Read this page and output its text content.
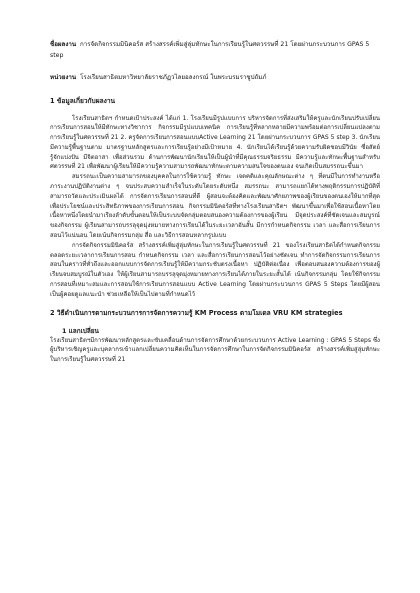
ชื่อผลงาน การจัดกิจกรรมมินิคอร์ส สร้างสรรค์เพิ่มสู่ลุ่มทักษะในการเรียนรู้ในศตวรรษที่ 21 โดยผ่านกระบวนการ GPAS 5 step

หน่วยงาน โรงเรียนสาธิตมหาวิทยาลัยราชภัฏวไลยอลงกรณ์ ในพระบรมราชูปถัมภ์

1 ข้อมูลเกี่ยวกับผลงาน

โรงเรียนสาธิตฯ กำหนดเป้าประสงค์ ได้แก่ 1. โรงเรียนมีรูปแบบการ บริหารจัดการที่ส่งเสริมให้ครูและนักเรียนปรับเปลี่ยนการเรียนการสอนให้มีทักษะทางวิชาการ กิจกรรมมีรูปแบบเทคนิค การเรียนรู้ที่หลากหลายมีความพร้อมต่อการเปลี่ยนแปลงตามการเรียนรู้ในศตวรรษที่ 21 2. ครูจัดการเรียนการสอนแบบActive Learning 21 โดยผ่านกระบวนการ GPAS 5 step 3. นักเรียนมีความรู้พื้นฐานตาม มาตรฐานหลักสูตรและการเรียนรู้อย่างมีเป้าหมาย 4. นักเรียนได้เรียนรู้ด้วยความรับผิดชอบมีวินัย ซื่อสัตย์ รู้จักแบ่งปัน มีจิตอาสา เพื่อส่วนรวม ด้านการพัฒนานักเรียนให้เป็นผู้นำที่มีคุณธรรมจริยธรรม มีความรู้และทักษะพื้นฐานสำหรับศตวรรษที่ 21 เพื่อพัฒนาผู้เรียนให้มีความรู้ความสามารถพัฒนาทักษะตามความสนใจของตนเอง จนเกิดเป็นสมรรถนะขึ้นมา

สมรรถนะเป็นความสามารถของบุคคลในการใช้ความรู้ ทักษะ เจตคติและคุณลักษณะต่าง ๆ ที่ตนมีในการทำงานหรือภาระงานปฏิบัติงานต่าง ๆ จนประสบความสำเร็จในระดับโดยระดับหนึ่ง สมรรถนะ สามารถแยกได้ทางพฤติกรรมการปฏิบัติที่สามารถวัดและประเมินผลได้ การจัดการเรียนการสอนที่ดี ผู้สอนจะต้องคิดและพัฒนาศักยภาพของผู้เรียนของตนเองให้มากที่สุดเพื่อประโยชน์และประสิทธิภาพของการเรียนการสอน กิจกรรมมินิคอร์สที่ทางโรงเรียนสาธิตฯ พัฒนาขึ้นมาเพื่อใช้สอนเนื้อหาโดยเนื้อหาหนึ่งโดยนำมาเรียงลำดับขั้นตอนให้เป็นระบบจัดกลุ่มตอบสนองความต้องการของผู้เรียน มีจุดประสงค์ที่ชัดเจนและสมบูรณ์ของกิจกรรม ผู้เรียนสามารถบรรลุจุดมุ่งหมายทางการเรียนได้ในระยะเวลาอันสั้น มีการกำหนดกิจกรรม เวลา และสื่อการเรียนการสอนไว้แน่นอน โดยเน้นกิจกรรมกลุ่ม สื่อ และวิธีการสอนหลากรูปแบบ

การจัดกิจกรรมมินิคอร์ส สร้างสรรค์เพิ่มสู่ลุ่มทักษะในการเรียนรู้ในศตวรรษที่ 21 ของโรงเรียนสาธิตได้กำหนดกิจกรรมตลอดระยะเวลาการเรียนการสอน กำหนดกิจกรรม เวลา และสื่อการเรียนการสอนไว้อย่างชัดเจน ทำการจัดกิจกรรมการเรียนการสอนในคราวที่ทั่วถึงและออกแบบการจัดการเรียนรู้ให้มีความกระชับตรงเนื้อหา ปฏิบัติต่อเนื่อง เพื่อตอบสนองความต้องการของผู้เรียนจบสมบูรณ์ในตัวเอง ให้ผู้เรียนสามารถบรรลุจุดมุ่งหมายทางการเรียนได้ภายในระยะสั้นได้ เน้นกิจกรรมกลุ่ม โดยใช้กิจกรรมการสอนที่เหมาะสมและการสอนใช้การเรียนการสอนแบบ Active Learning โดยผ่านกระบวนการ GPAS 5 Steps โดยมีผู้สอนเป็นผู้คอยดูแลแนะนำ ช่วยเหลือให้เป็นไปตามที่กำหนดไว้

2 วิธีดำเนินการตามกระบวนการการจัดการความรู้ KM Process ตามโมเดล VRU KM strategies
1 แลกเปลี่ยน

โรงเรียนสาธิตฯมีการพัฒนาหลักสูตรและขับเคลื่อนด้านการจัดการศึกษาด้วยกระบวนการ Active Learning : GPAS 5 Steps ซึ่งผู้บริหารเชิญครูและบุคลากรเข้าแลกเปลี่ยนความคิดเห็นในการจัดการศึกษาในการจัดกิจกรรมมินิคอร์ส สร้างสรรค์เพิ่มสู่ลุ่มทักษะในการเรียนรู้ในศตวรรษที่ 21
